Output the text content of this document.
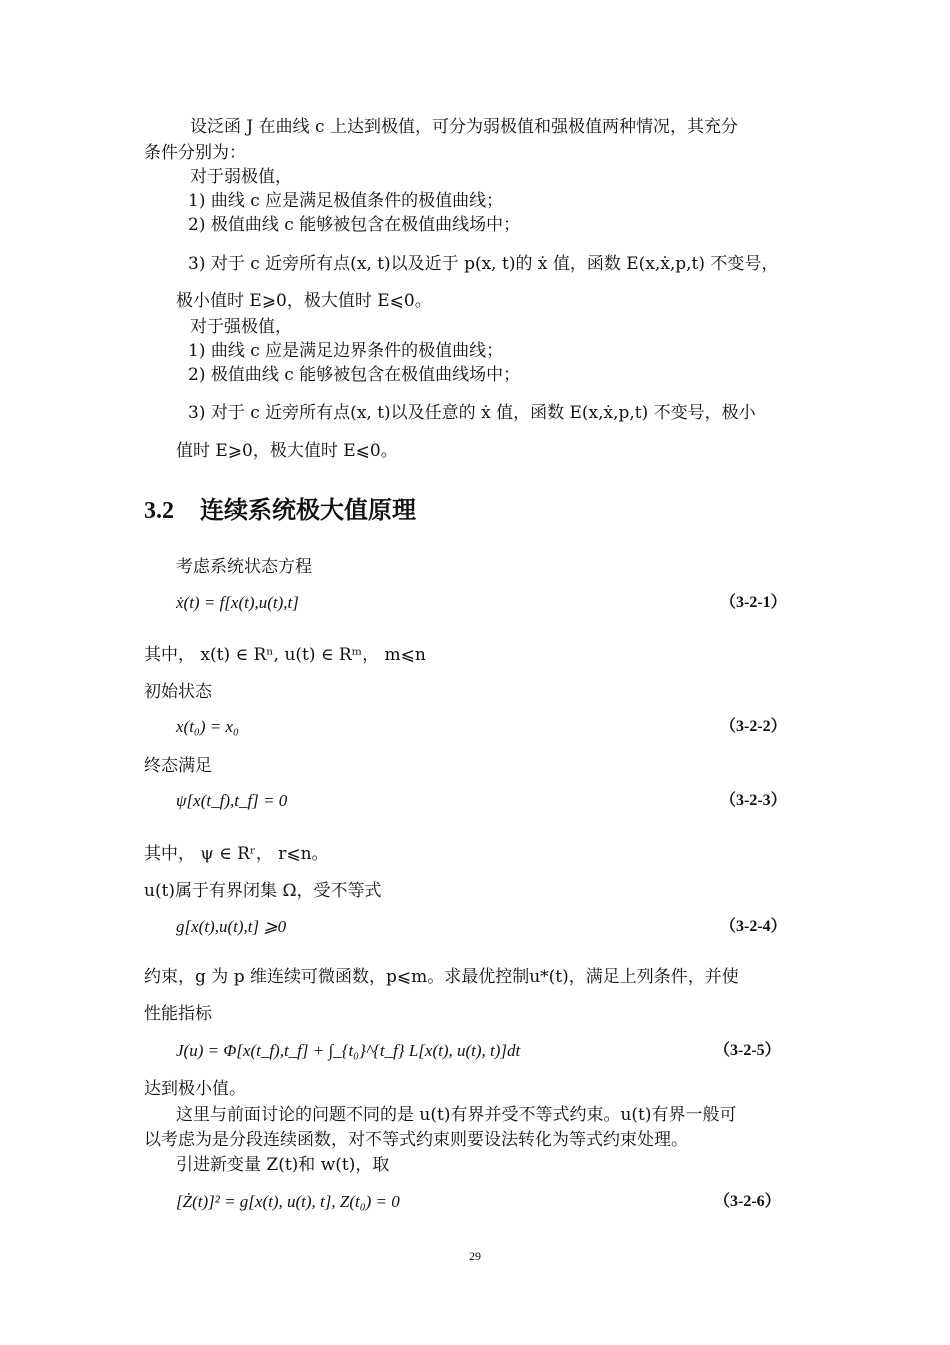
设泛函 J 在曲线 c 上达到极值，可分为弱极值和强极值两种情况，其充分
条件分别为：
对于弱极值，
1) 曲线 c 应是满足极值条件的极值曲线；
2) 极值曲线 c 能够被包含在极值曲线场中；
3) 对于 c 近旁所有点(x, t)以及近于 p(x, t)的 ẋ 值，函数 E(x,ẋ,p,t) 不变号，
极小值时 E⩾0，极大值时 E⩽0。
对于强极值，
1) 曲线 c 应是满足边界条件的极值曲线；
2) 极值曲线 c 能够被包含在极值曲线场中；
3) 对于 c 近旁所有点(x, t)以及任意的 ẋ 值，函数 E(x,ẋ,p,t) 不变号，极小
值时 E⩾0，极大值时 E⩽0。
3.2 连续系统极大值原理
考虑系统状态方程
ẋ(t) = f[x(t),u(t),t]	（3-2-1）
其中， x(t) ∈ Rⁿ, u(t) ∈ Rᵐ， m⩽n
初始状态
x(t₀) = x₀	（3-2-2）
终态满足
ψ[x(t_f),t_f] = 0	（3-2-3）
其中， ψ ∈ Rʳ， r⩽n。
u(t)属于有界闭集 Ω，受不等式
g[x(t),u(t),t] ⩾0	（3-2-4）
约束，g 为 p 维连续可微函数，p⩽m。求最优控制u*(t)，满足上列条件，并使
性能指标
J(u) = Φ[x(t_f),t_f] + ∫_{t₀}^{t_f} L[x(t), u(t), t)]dt	（3-2-5）
达到极小值。
这里与前面讨论的问题不同的是 u(t)有界并受不等式约束。u(t)有界一般可
以考虑为是分段连续函数，对不等式约束则要设法转化为等式约束处理。
引进新变量 Z(t)和 w(t)，取
[Ż(t)]² = g[x(t), u(t), t], Z(t₀) = 0	（3-2-6）
29
